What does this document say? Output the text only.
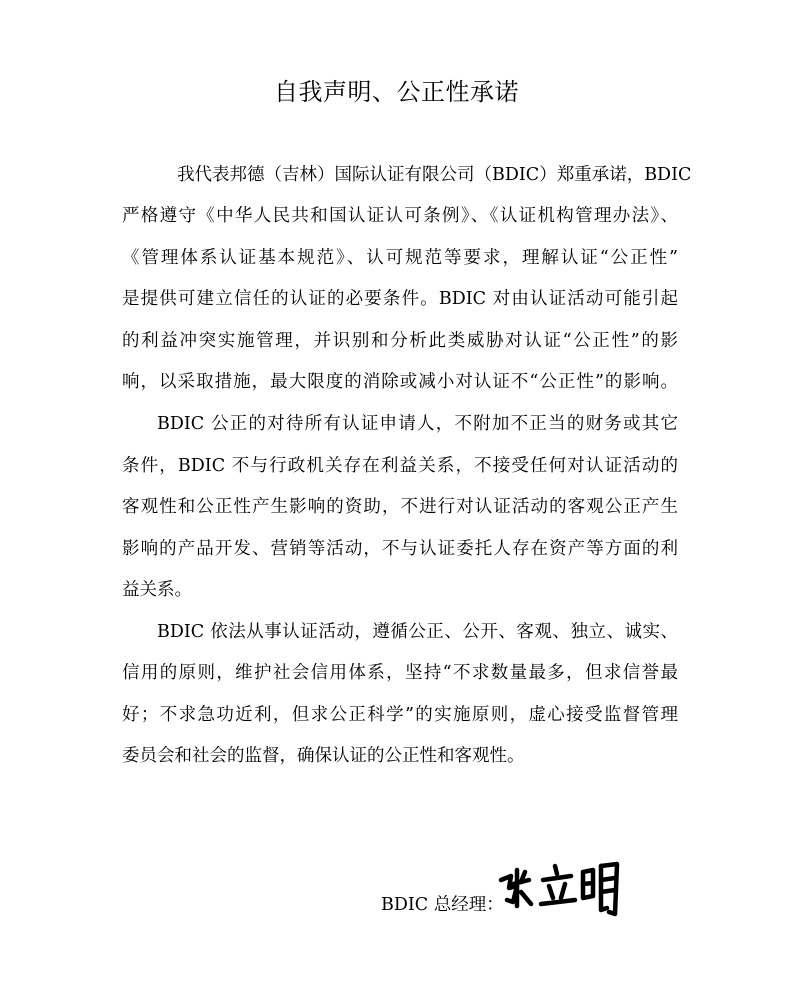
自我声明、公正性承诺
我代表邦德（吉林）国际认证有限公司（BDIC）郑重承诺，BDIC
严格遵守《中华人民共和国认证认可条例》、《认证机构管理办法》、
《管理体系认证基本规范》、认可规范等要求，理解认证“公正性”
是提供可建立信任的认证的必要条件。BDIC 对由认证活动可能引起
的利益冲突实施管理，并识别和分析此类威胁对认证“公正性”的影
响，以采取措施，最大限度的消除或减小对认证不“公正性”的影响。
BDIC 公正的对待所有认证申请人，不附加不正当的财务或其它
条件，BDIC 不与行政机关存在利益关系，不接受任何对认证活动的
客观性和公正性产生影响的资助，不进行对认证活动的客观公正产生
影响的产品开发、营销等活动，不与认证委托人存在资产等方面的利
益关系。
BDIC 依法从事认证活动，遵循公正、公开、客观、独立、诚实、
信用的原则，维护社会信用体系，坚持“不求数量最多，但求信誉最
好；不求急功近利，但求公正科学”的实施原则，虚心接受监督管理
委员会和社会的监督，确保认证的公正性和客观性。
BDIC 总经理：
